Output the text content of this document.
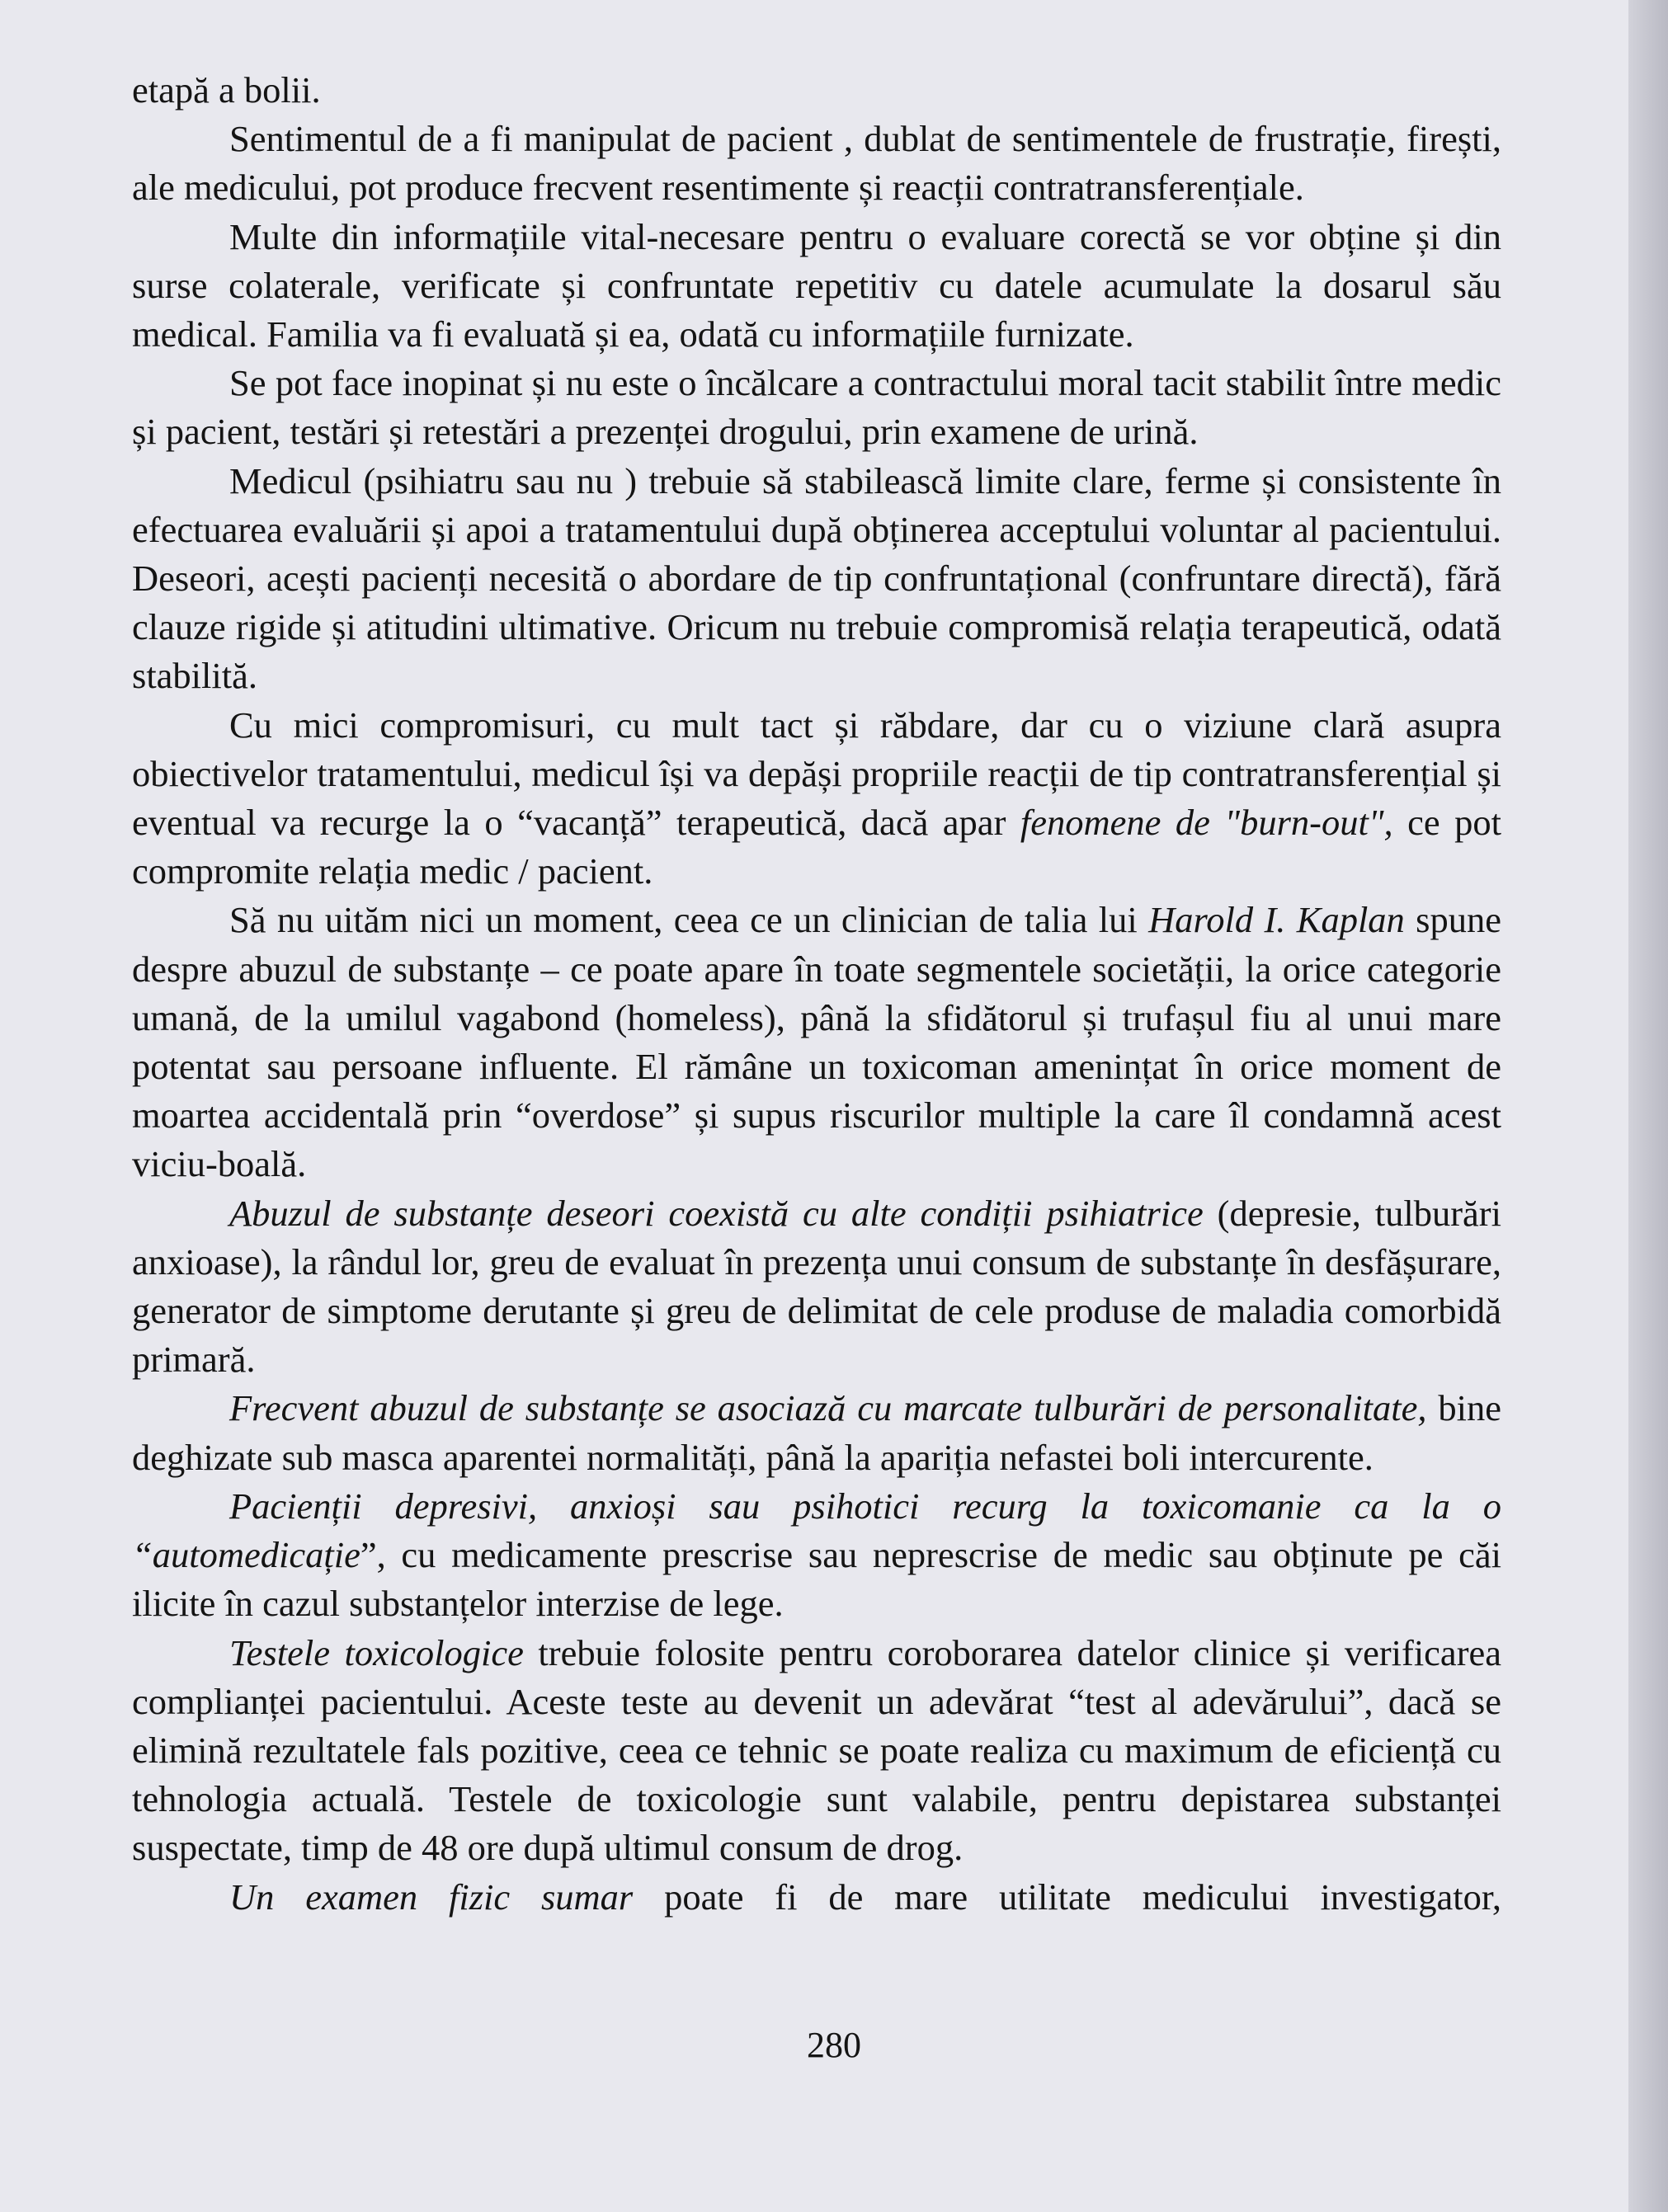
etapă a bolii.

Sentimentul de a fi manipulat de pacient , dublat de sentimentele de frustrație, firești, ale medicului, pot produce frecvent resentimente și reacții contratransferențiale.

Multe din informațiile vital-necesare pentru o evaluare corectă se vor obține și din surse colaterale, verificate și confruntate repetitiv cu datele acumulate la dosarul său medical. Familia va fi evaluată și ea, odată cu informațiile furnizate.

Se pot face inopinat și nu este o încălcare a contractului moral tacit stabilit între medic și pacient, testări și retestări a prezenței drogului, prin examene de urină.

Medicul (psihiatru sau nu ) trebuie să stabilească limite clare, ferme și consistente în efectuarea evaluării și apoi a tratamentului după obținerea acceptului voluntar al pacientului. Deseori, acești pacienți necesită o abordare de tip confruntațional (confruntare directă), fără clauze rigide și atitudini ultimative. Oricum nu trebuie compromisă relația terapeutică, odată stabilită.

Cu mici compromisuri, cu mult tact și răbdare, dar cu o viziune clară asupra obiectivelor tratamentului, medicul își va depăși propriile reacții de tip contratransferențial și eventual va recurge la o “vacanță” terapeutică, dacă apar fenomene de "burn-out", ce pot compromite relația medic / pacient.

Să nu uităm nici un moment, ceea ce un clinician de talia lui Harold I. Kaplan spune despre abuzul de substanțe – ce poate apare în toate segmentele societății, la orice categorie umană, de la umilul vagabond (homeless), până la sfidătorul și trufașul fiu al unui mare potentat sau persoane influente. El rămâne un toxicoman amenințat în orice moment de moartea accidentală prin “overdose” și supus riscurilor multiple la care îl condamnă acest viciu-boală.

Abuzul de substanțe deseori coexistă cu alte condiții psihiatrice (depresie, tulburări anxioase), la rândul lor, greu de evaluat în prezența unui consum de substanțe în desfășurare, generator de simptome derutante și greu de delimitat de cele produse de maladia comorbidă primară.

Frecvent abuzul de substanțe se asociază cu marcate tulburări de personalitate, bine deghizate sub masca aparentei normalități, până la apariția nefastei boli intercurente.

Pacienții depresivi, anxioși sau psihotici recurg la toxicomanie ca la o “automedicație”, cu medicamente prescrise sau neprescrise de medic sau obținute pe căi ilicite în cazul substanțelor interzise de lege.

Testele toxicologice trebuie folosite pentru coroborarea datelor clinice și verificarea complianței pacientului. Aceste teste au devenit un adevărat “test al adevărului”, dacă se elimină rezultatele fals pozitive, ceea ce tehnic se poate realiza cu maximum de eficiență cu tehnologia actuală. Testele de toxicologie sunt valabile, pentru depistarea substanței suspectate, timp de 48 ore după ultimul consum de drog.

Un examen fizic sumar poate fi de mare utilitate medicului investigator,

280
